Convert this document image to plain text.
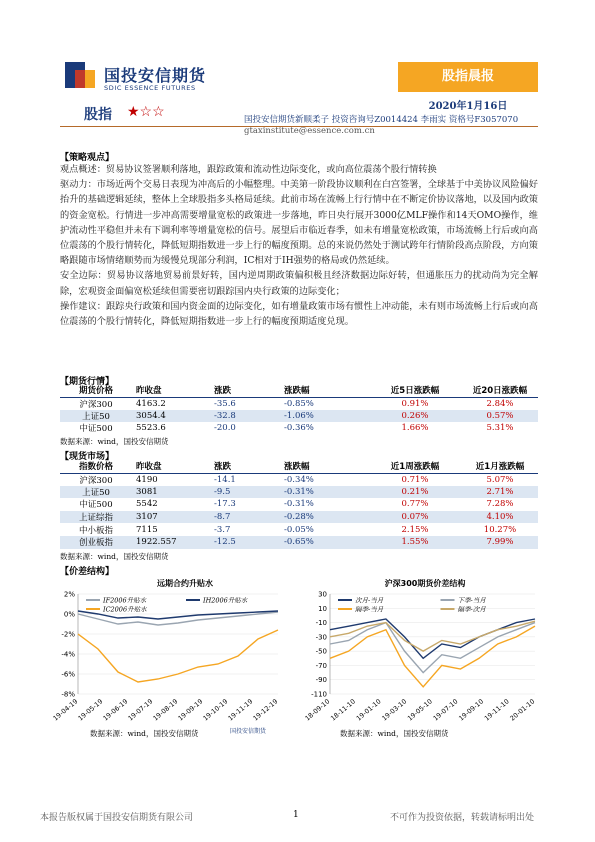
国投安信期货
SDIC ESSENCE FUTURES
股指晨报
2020年1月16日
股指 ★☆☆	国投安信期货新顺柔子 投资咨询号Z0014424 李雨实 资格号F3057070
gtaxinstitute@essence.com.cn
【策略观点】

观点概述：贸易协议签署顺利落地，跟踪政策和流动性边际变化，或向高位震荡个股行情转换

驱动力：市场近两个交易日表现为冲高后的小幅整理。中美第一阶段协议顺利在白宫签署，全球基于中美协议风险偏好抬升的基础逻辑延续，整体上全球股指多头格局延续。此前市场在流畅上行行情中在不断定价协议落地，以及国内政策的资金宽松。行情进一步冲高需要增量宽松的政策进一步落地，昨日央行展开3000亿MLF操作和14天OMO操作，维护流动性平稳但并未有下调利率等增量宽松的信号。展望后市临近春季，如未有增量宽松政策，市场流畅上行后或向高位震荡的个股行情转化，降低短期指数进一步上行的幅度预期。总的来说仍然处于测试跨年行情阶段高点阶段，方向策略跟随市场情绪顺势而为缓慢兑现部分利润，IC相对于IH强势的格局或仍然延续。

安全边际：贸易协议落地贸易前景好转，国内逆周期政策偏积极且经济数据边际好转，但通胀压力的扰动尚为完全解除，宏观资金面偏宽松延续但需要密切跟踪国内央行政策的边际变化；

操作建议：跟踪央行政策和国内资金面的边际变化，如有增量政策市场有惯性上冲动能，未有则市场流畅上行后或向高位震荡的个股行情转化，降低短期指数进一步上行的幅度预期适度兑现。

【期货行情】
期货价格	昨收盘	涨跌	涨跌幅	近5日涨跌幅	近20日涨跌幅
沪深300	4163.2	-35.6	-0.85%	0.91%	2.84%
上证50	3054.4	-32.8	-1.06%	0.26%	0.57%
中证500	5523.6	-20.0	-0.36%	1.66%	5.31%
数据来源：wind，国投安信期货
【现货市场】
指数价格	昨收盘	涨跌	涨跌幅	近1周涨跌幅	近1月涨跌幅
沪深300	4190	-14.1	-0.34%	0.71%	5.07%
上证50	3081	-9.5	-0.31%	0.21%	2.71%
中证500	5542	-17.3	-0.31%	0.77%	7.28%
上证综指	3107	-8.7	-0.28%	0.07%	4.10%
中小板指	7115	-3.7	-0.05%	2.15%	10.27%
创业板指	1922.557	-12.5	-0.65%	1.55%	7.99%
数据来源：wind，国投安信期货
【价差结构】
远期合约升贴水
2%
0%
-2%
-4%
-6%
-8%
19-04-19
19-05-19
19-06-19
19-07-19
19-08-19
19-09-19
19-10-19
19-11-19
19-12-19
IF2006升贴水	IH2006升贴水
IC2006升贴水
数据来源：wind，国投安信期货	国投安信期货
沪深300期货价差结构
30
10
-10
-30
-50
-70
-90
-110
18-09-10
18-11-10
19-01-10
19-03-10
19-05-10
19-07-10
19-09-10
19-11-10
20-01-10
次月-当月	下季-当月
隔季-当月	隔季-次月
数据来源：wind，国投安信期货
本报告版权属于国投安信期货有限公司	1	不可作为投资依据，转载请标明出处
